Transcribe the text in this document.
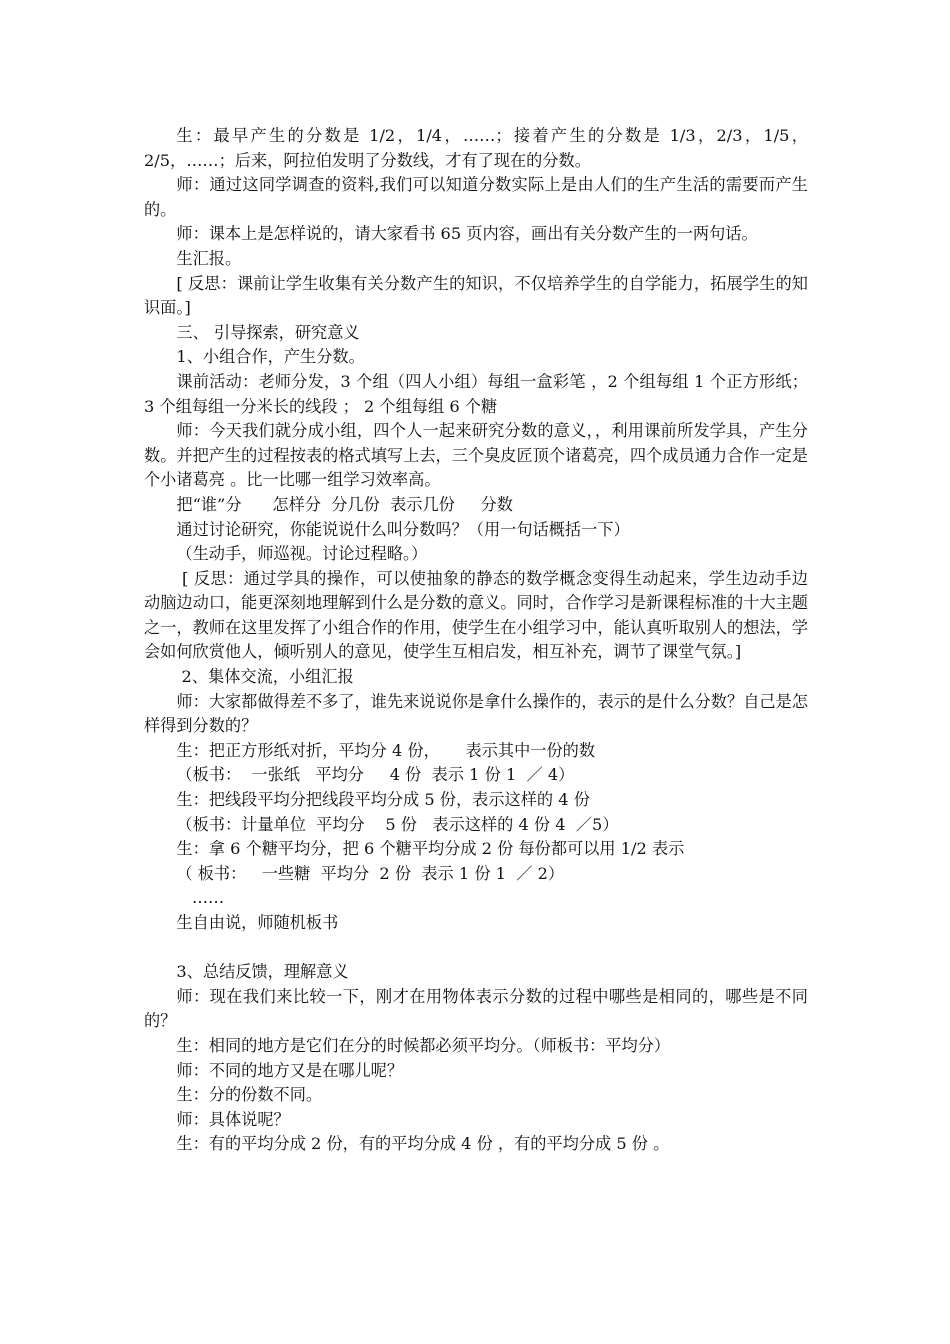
生：最早产生的分数是 1/2，1/4，……；接着产生的分数是 1/3，2/3，1/5，2/5，……；后来，阿拉伯发明了分数线，才有了现在的分数。

师：通过这同学调查的资料,我们可以知道分数实际上是由人们的生产生活的需要而产生的。

师：课本上是怎样说的，请大家看书 65 页内容，画出有关分数产生的一两句话。

生汇报。

[ 反思：课前让学生收集有关分数产生的知识，不仅培养学生的自学能力，拓展学生的知识面。]

三、 引导探索，研究意义

1、小组合作，产生分数。

课前活动：老师分发，3 个组（四人小组）每组一盒彩笔 ，2 个组每组 1 个正方形纸；  3 个组每组一分米长的线段 ； 2 个组每组 6 个糖

师：今天我们就分成小组，四个人一起来研究分数的意义，，利用课前所发学具，产生分数。并把产生的过程按表的格式填写上去，三个臭皮匠顶个诸葛亮，四个成员通力合作一定是个小诸葛亮 。比一比哪一组学习效率高。

把“谁”分      怎样分  分几份  表示几份     分数

通过讨论研究，你能说说什么叫分数吗？（用一句话概括一下）

（生动手，师巡视。讨论过程略。）

[ 反思：通过学具的操作，可以使抽象的静态的数学概念变得生动起来，学生边动手边动脑边动口，能更深刻地理解到什么是分数的意义。同时，合作学习是新课程标准的十大主题之一，教师在这里发挥了小组合作的作用，使学生在小组学习中，能认真听取别人的想法，学会如何欣赏他人，倾听别人的意见，使学生互相启发，相互补充，调节了课堂气氛。]

2、集体交流，小组汇报

师：大家都做得差不多了，谁先来说说你是拿什么操作的，表示的是什么分数？自己是怎样得到分数的？

生：把正方形纸对折，平均分 4 份，     表示其中一份的数

（板书：  一张纸   平均分     4 份  表示 1 份 1  ／ 4）

生：把线段平均分把线段平均分成 5 份，表示这样的 4 份

（板书：计量单位  平均分    5 份   表示这样的 4 份 4  ／5）

生：拿 6 个糖平均分，把 6 个糖平均分成 2 份 每份都可以用 1/2 表示

（ 板书：   一些糖  平均分  2 份  表示 1 份 1  ／ 2）

……

生自由说，师随机板书

3、总结反馈，理解意义

师：现在我们来比较一下，刚才在用物体表示分数的过程中哪些是相同的，哪些是不同的？

生：相同的地方是它们在分的时候都必须平均分。（师板书：平均分）

师：不同的地方又是在哪儿呢？

生：分的份数不同。

师：具体说呢？

生：有的平均分成 2 份，有的平均分成 4 份 ，有的平均分成 5 份 。
